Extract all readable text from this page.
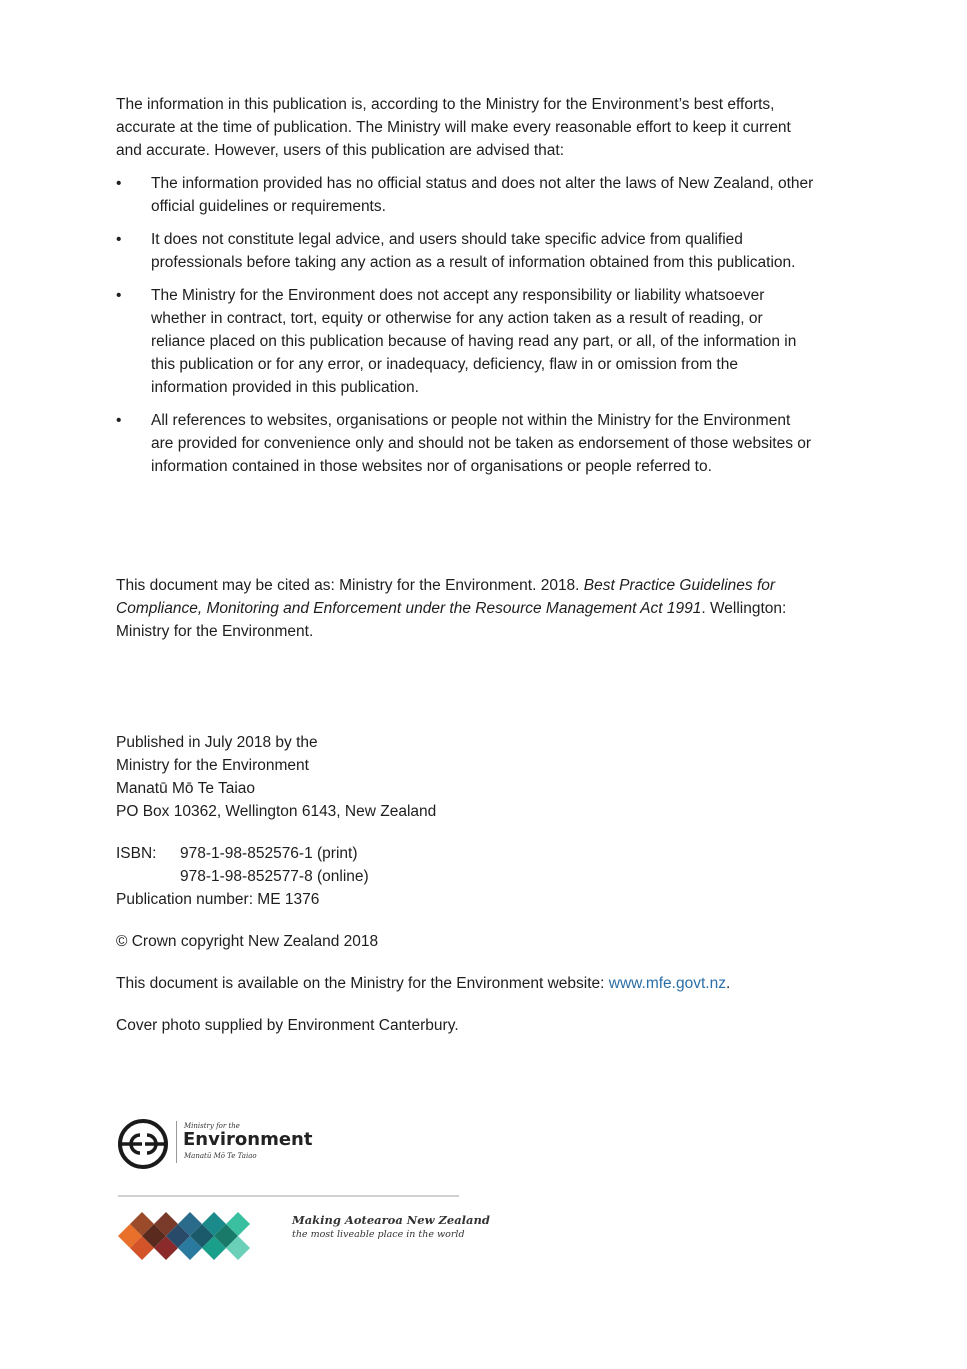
The information in this publication is, according to the Ministry for the Environment’s best efforts, accurate at the time of publication. The Ministry will make every reasonable effort to keep it current and accurate. However, users of this publication are advised that:

• The information provided has no official status and does not alter the laws of New Zealand, other official guidelines or requirements.
• It does not constitute legal advice, and users should take specific advice from qualified professionals before taking any action as a result of information obtained from this publication.
• The Ministry for the Environment does not accept any responsibility or liability whatsoever whether in contract, tort, equity or otherwise for any action taken as a result of reading, or reliance placed on this publication because of having read any part, or all, of the information in this publication or for any error, or inadequacy, deficiency, flaw in or omission from the information provided in this publication.
• All references to websites, organisations or people not within the Ministry for the Environment are provided for convenience only and should not be taken as endorsement of those websites or information contained in those websites nor of organisations or people referred to.

This document may be cited as: Ministry for the Environment. 2018. Best Practice Guidelines for Compliance, Monitoring and Enforcement under the Resource Management Act 1991. Wellington: Ministry for the Environment.

Published in July 2018 by the
Ministry for the Environment
Manatū Mō Te Taiao
PO Box 10362, Wellington 6143, New Zealand
ISBN:	978-1-98-852576-1 (print)
978-1-98-852577-8 (online)
Publication number: ME 1376

© Crown copyright New Zealand 2018

This document is available on the Ministry for the Environment website: www.mfe.govt.nz.

Cover photo supplied by Environment Canterbury.

Ministry for the
Environment
Manatū Mō Te Taiao
Making Aotearoa New Zealand
the most liveable place in the world
